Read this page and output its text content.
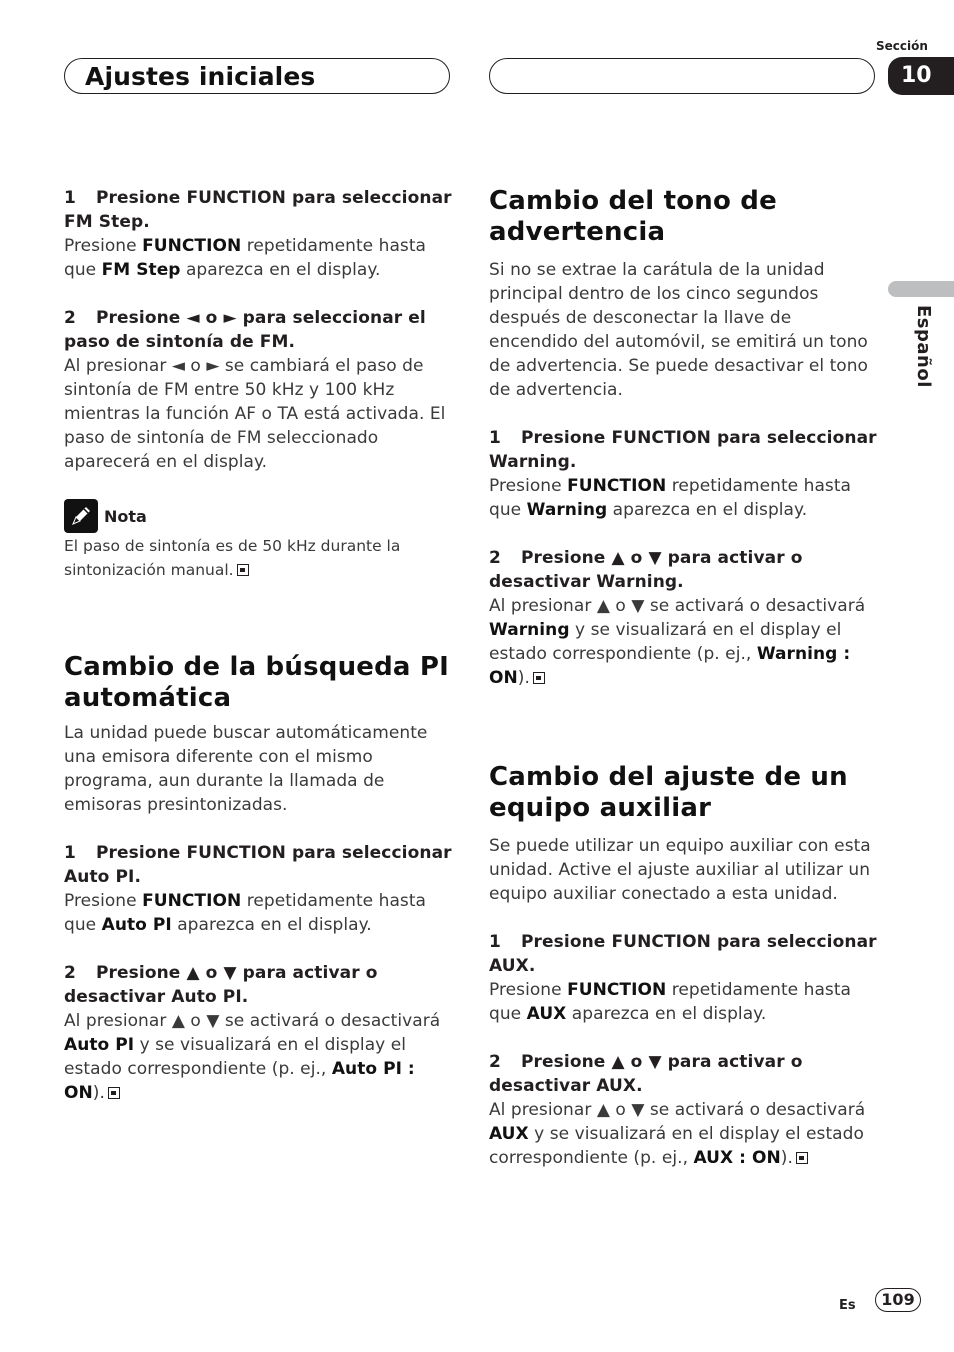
Ajustes iniciales
Sección
10
Español

1 Presione FUNCTION para seleccionar FM Step.

Presione FUNCTION repetidamente hasta que FM Step aparezca en el display.

2 Presione ◄ o ► para seleccionar el paso de sintonía de FM.

Al presionar ◄ o ► se cambiará el paso de sintonía de FM entre 50 kHz y 100 kHz mientras la función AF o TA está activada. El paso de sintonía de FM seleccionado aparecerá en el display.

Nota

El paso de sintonía es de 50 kHz durante la sintonización manual.

Cambio de la búsqueda PI automática

La unidad puede buscar automáticamente una emisora diferente con el mismo programa, aun durante la llamada de emisoras presintonizadas.

1 Presione FUNCTION para seleccionar Auto PI.

Presione FUNCTION repetidamente hasta que Auto PI aparezca en el display.

2 Presione ▲ o ▼ para activar o desactivar Auto PI.

Al presionar ▲ o ▼ se activará o desactivará Auto PI y se visualizará en el display el estado correspondiente (p. ej., Auto PI : ON).

Cambio del tono de advertencia

Si no se extrae la carátula de la unidad principal dentro de los cinco segundos después de desconectar la llave de encendido del automóvil, se emitirá un tono de advertencia. Se puede desactivar el tono de advertencia.

1 Presione FUNCTION para seleccionar Warning.

Presione FUNCTION repetidamente hasta que Warning aparezca en el display.

2 Presione ▲ o ▼ para activar o desactivar Warning.

Al presionar ▲ o ▼ se activará o desactivará Warning y se visualizará en el display el estado correspondiente (p. ej., Warning : ON).

Cambio del ajuste de un equipo auxiliar

Se puede utilizar un equipo auxiliar con esta unidad. Active el ajuste auxiliar al utilizar un equipo auxiliar conectado a esta unidad.

1 Presione FUNCTION para seleccionar AUX.

Presione FUNCTION repetidamente hasta que AUX aparezca en el display.

2 Presione ▲ o ▼ para activar o desactivar AUX.

Al presionar ▲ o ▼ se activará o desactivará AUX y se visualizará en el display el estado correspondiente (p. ej., AUX : ON).

Es	109
